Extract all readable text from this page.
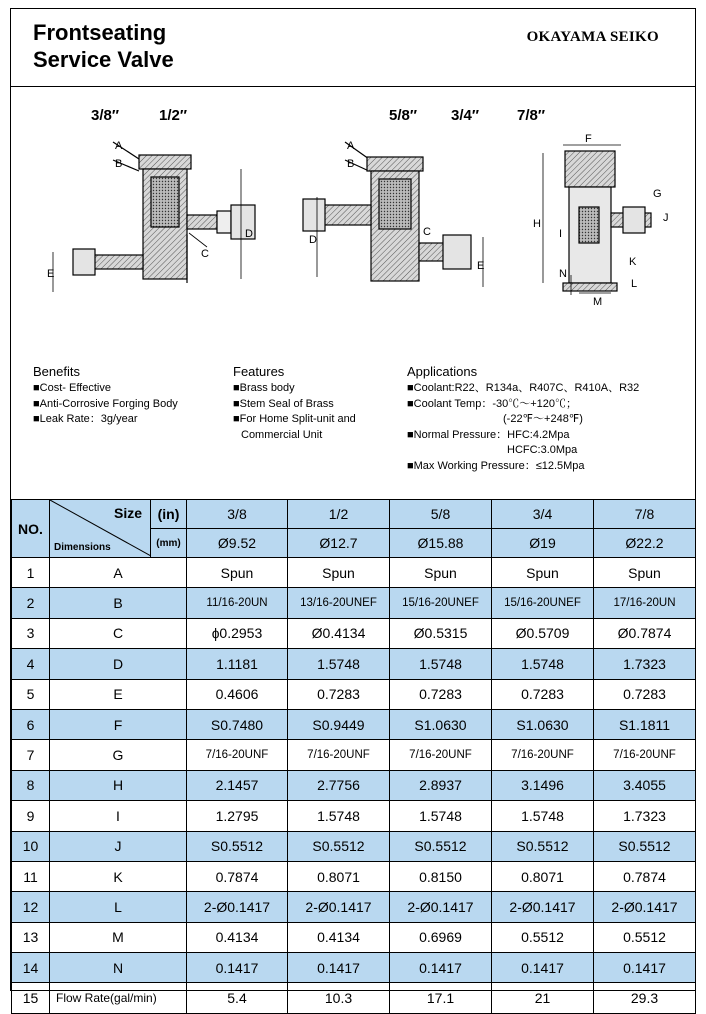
Frontseating
Service Valve
OKAYAMA SEIKO
3/8″	1/2″	5/8″ 3/4″	7/8″
A
B
C
D
E
A
B
C
D
E
F
G
H
I
J
K
L
M
N
Benefits
■Cost- Effective
■Anti-Corrosive Forging Body
■Leak Rate：3g/year
Features
■Brass body
■Stem Seal of Brass
■For Home Split-unit and
Commercial Unit
Applications
■Coolant:R22、R134a、R407C、R410A、R32
■Coolant Temp：-30℃～+120℃；
(-22℉～+248℉)
■Normal Pressure：HFC:4.2Mpa
HCFC:3.0Mpa
■Max Working Pressure：≤12.5Mpa
NO.	Size
Dimensions	(in)	3/8	1/2	5/8	3/4	7/8
		(mm)	Ø9.52	Ø12.7	Ø15.88	Ø19	Ø22.2
1	A		Spun	Spun	Spun	Spun	Spun
2	B		11/16-20UN	13/16-20UNEF	15/16-20UNEF	15/16-20UNEF	17/16-20UN
3	C		ɸ0.2953	Ø0.4134	Ø0.5315	Ø0.5709	Ø0.7874
4	D		1.1181	1.5748	1.5748	1.5748	1.7323
5	E		0.4606	0.7283	0.7283	0.7283	0.7283
6	F		S0.7480	S0.9449	S1.0630	S1.0630	S1.1811
7	G		7/16-20UNF	7/16-20UNF	7/16-20UNF	7/16-20UNF	7/16-20UNF
8	H		2.1457	2.7756	2.8937	3.1496	3.4055
9	I		1.2795	1.5748	1.5748	1.5748	1.7323
10	J		S0.5512	S0.5512	S0.5512	S0.5512	S0.5512
11	K		0.7874	0.8071	0.8150	0.8071	0.7874
12	L		2-Ø0.1417	2-Ø0.1417	2-Ø0.1417	2-Ø0.1417	2-Ø0.1417
13	M		0.4134	0.4134	0.6969	0.5512	0.5512
14	N		0.1417	0.1417	0.1417	0.1417	0.1417
15	Flow Rate(gal/min)		5.4	10.3	17.1	21	29.3
